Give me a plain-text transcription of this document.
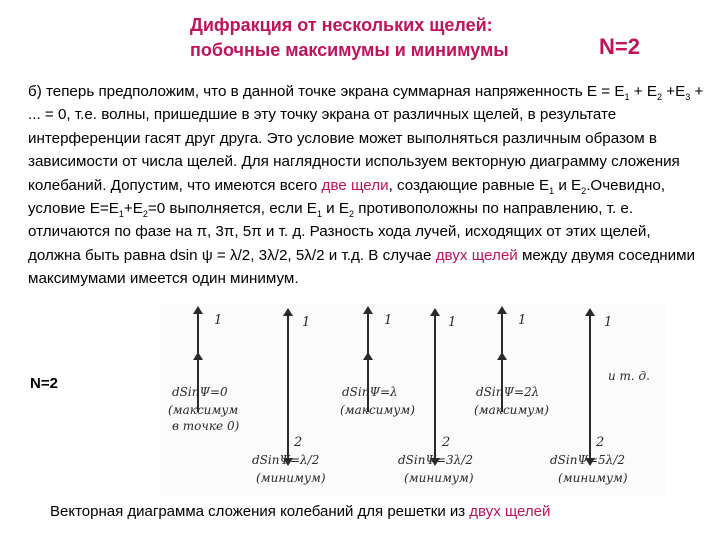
Дифракция от нескольких щелей:
побочные максимумы и минимумы	N=2
б) теперь предположим, что в данной точке экрана суммарная напряженность $Е = Е_1 + Е_2 +Е_3$ + ... = 0, т.е. волны, пришедшие в эту точку экрана от различных щелей, в результате интерференции гасят друг друга. Это условие может выполняться различным образом в зависимости от числа щелей. Для наглядности используем векторную диаграмму сложения колебаний. Допустим, что имеются всего две щели, создающие равные $Е_1$ и $Е_2.Очевидно$, условие $Е=Е_1+Е_2=0$ выполняется, если $Е_1$ и $Е_2$ противоположны по направлению, т. е. отличаются по фазе на π, 3π, 5π и т. д. Разность хода лучей, исходящих от этих щелей, должна быть равна dsin ψ = λ/2, 3λ/2, 5λ/2 и т.д. В случае двух щелей между двумя соседними максимумами имеется один минимум.
N=2
1
dSinΨ=0
(максимум
в точке 0)
1
2
dSinΨ=λ/2
(минимум)
1
dSinΨ=λ
(максимум)
1
2
dSinΨ=3λ/2
(минимум)
1
dSinΨ=2λ
(максимум)
1
2
dSinΨ=5λ/2
(минимум)
и т. д.
Векторная диаграмма сложения колебаний для решетки из двух щелей
